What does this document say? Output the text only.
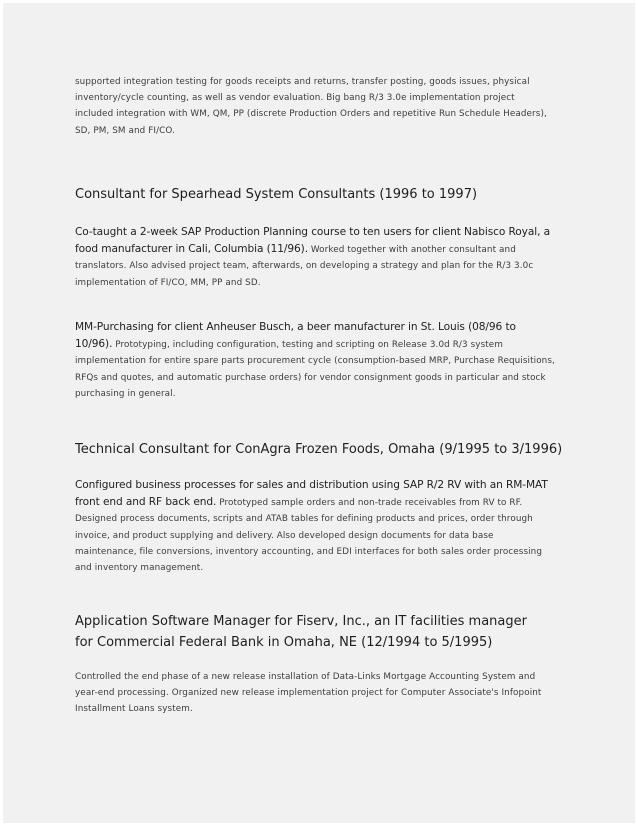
supported integration testing for goods receipts and returns, transfer posting, goods issues, physical inventory/cycle counting, as well as vendor evaluation. Big bang R/3 3.0e implementation project included integration with WM, QM, PP (discrete Production Orders and repetitive Run Schedule Headers), SD, PM, SM and FI/CO.

Consultant for Spearhead System Consultants (1996 to 1997)

Co-taught a 2-week SAP Production Planning course to ten users for client Nabisco Royal, a food manufacturer in Cali, Columbia (11/96). Worked together with another consultant and translators. Also advised project team, afterwards, on developing a strategy and plan for the R/3 3.0c implementation of FI/CO, MM, PP and SD.

MM-Purchasing for client Anheuser Busch, a beer manufacturer in St. Louis (08/96 to 10/96). Prototyping, including configuration, testing and scripting on Release 3.0d R/3 system implementation for entire spare parts procurement cycle (consumption-based MRP, Purchase Requisitions, RFQs and quotes, and automatic purchase orders) for vendor consignment goods in particular and stock purchasing in general.

Technical Consultant for ConAgra Frozen Foods, Omaha (9/1995 to 3/1996)

Configured business processes for sales and distribution using SAP R/2 RV with an RM-MAT front end and RF back end. Prototyped sample orders and non-trade receivables from RV to RF. Designed process documents, scripts and ATAB tables for defining products and prices, order through invoice, and product supplying and delivery. Also developed design documents for data base maintenance, file conversions, inventory accounting, and EDI interfaces for both sales order processing and inventory management.

Application Software Manager for Fiserv, Inc., an IT facilities manager for Commercial Federal Bank in Omaha, NE (12/1994 to 5/1995)

Controlled the end phase of a new release installation of Data-Links Mortgage Accounting System and year-end processing. Organized new release implementation project for Computer Associate's Infopoint Installment Loans system.
